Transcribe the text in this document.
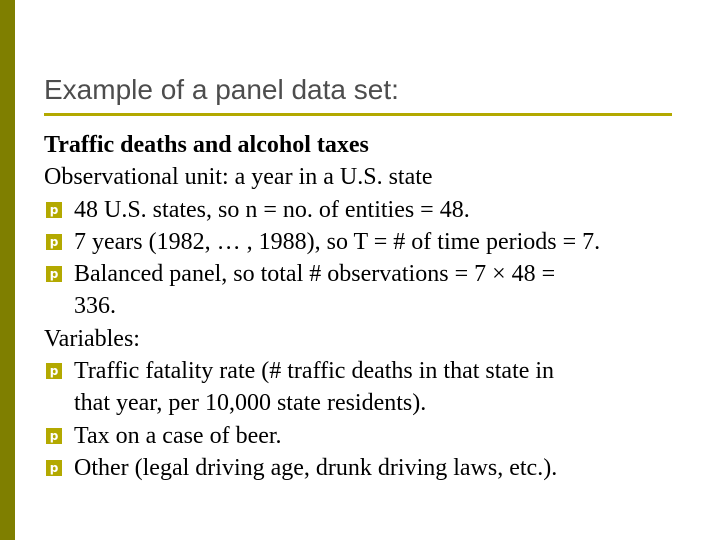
Example of a panel data set:
Traffic deaths and alcohol taxes
Observational unit: a year in a U.S. state
p 48 U.S. states, so n = no. of entities = 48.
p 7 years (1982, … , 1988), so T = # of time periods = 7.
p Balanced panel, so total # observations = 7 × 48 =
336.
Variables:
p Traffic fatality rate (# traffic deaths in that state in
that year, per 10,000 state residents).
p Tax on a case of beer.
p Other (legal driving age, drunk driving laws, etc.).
